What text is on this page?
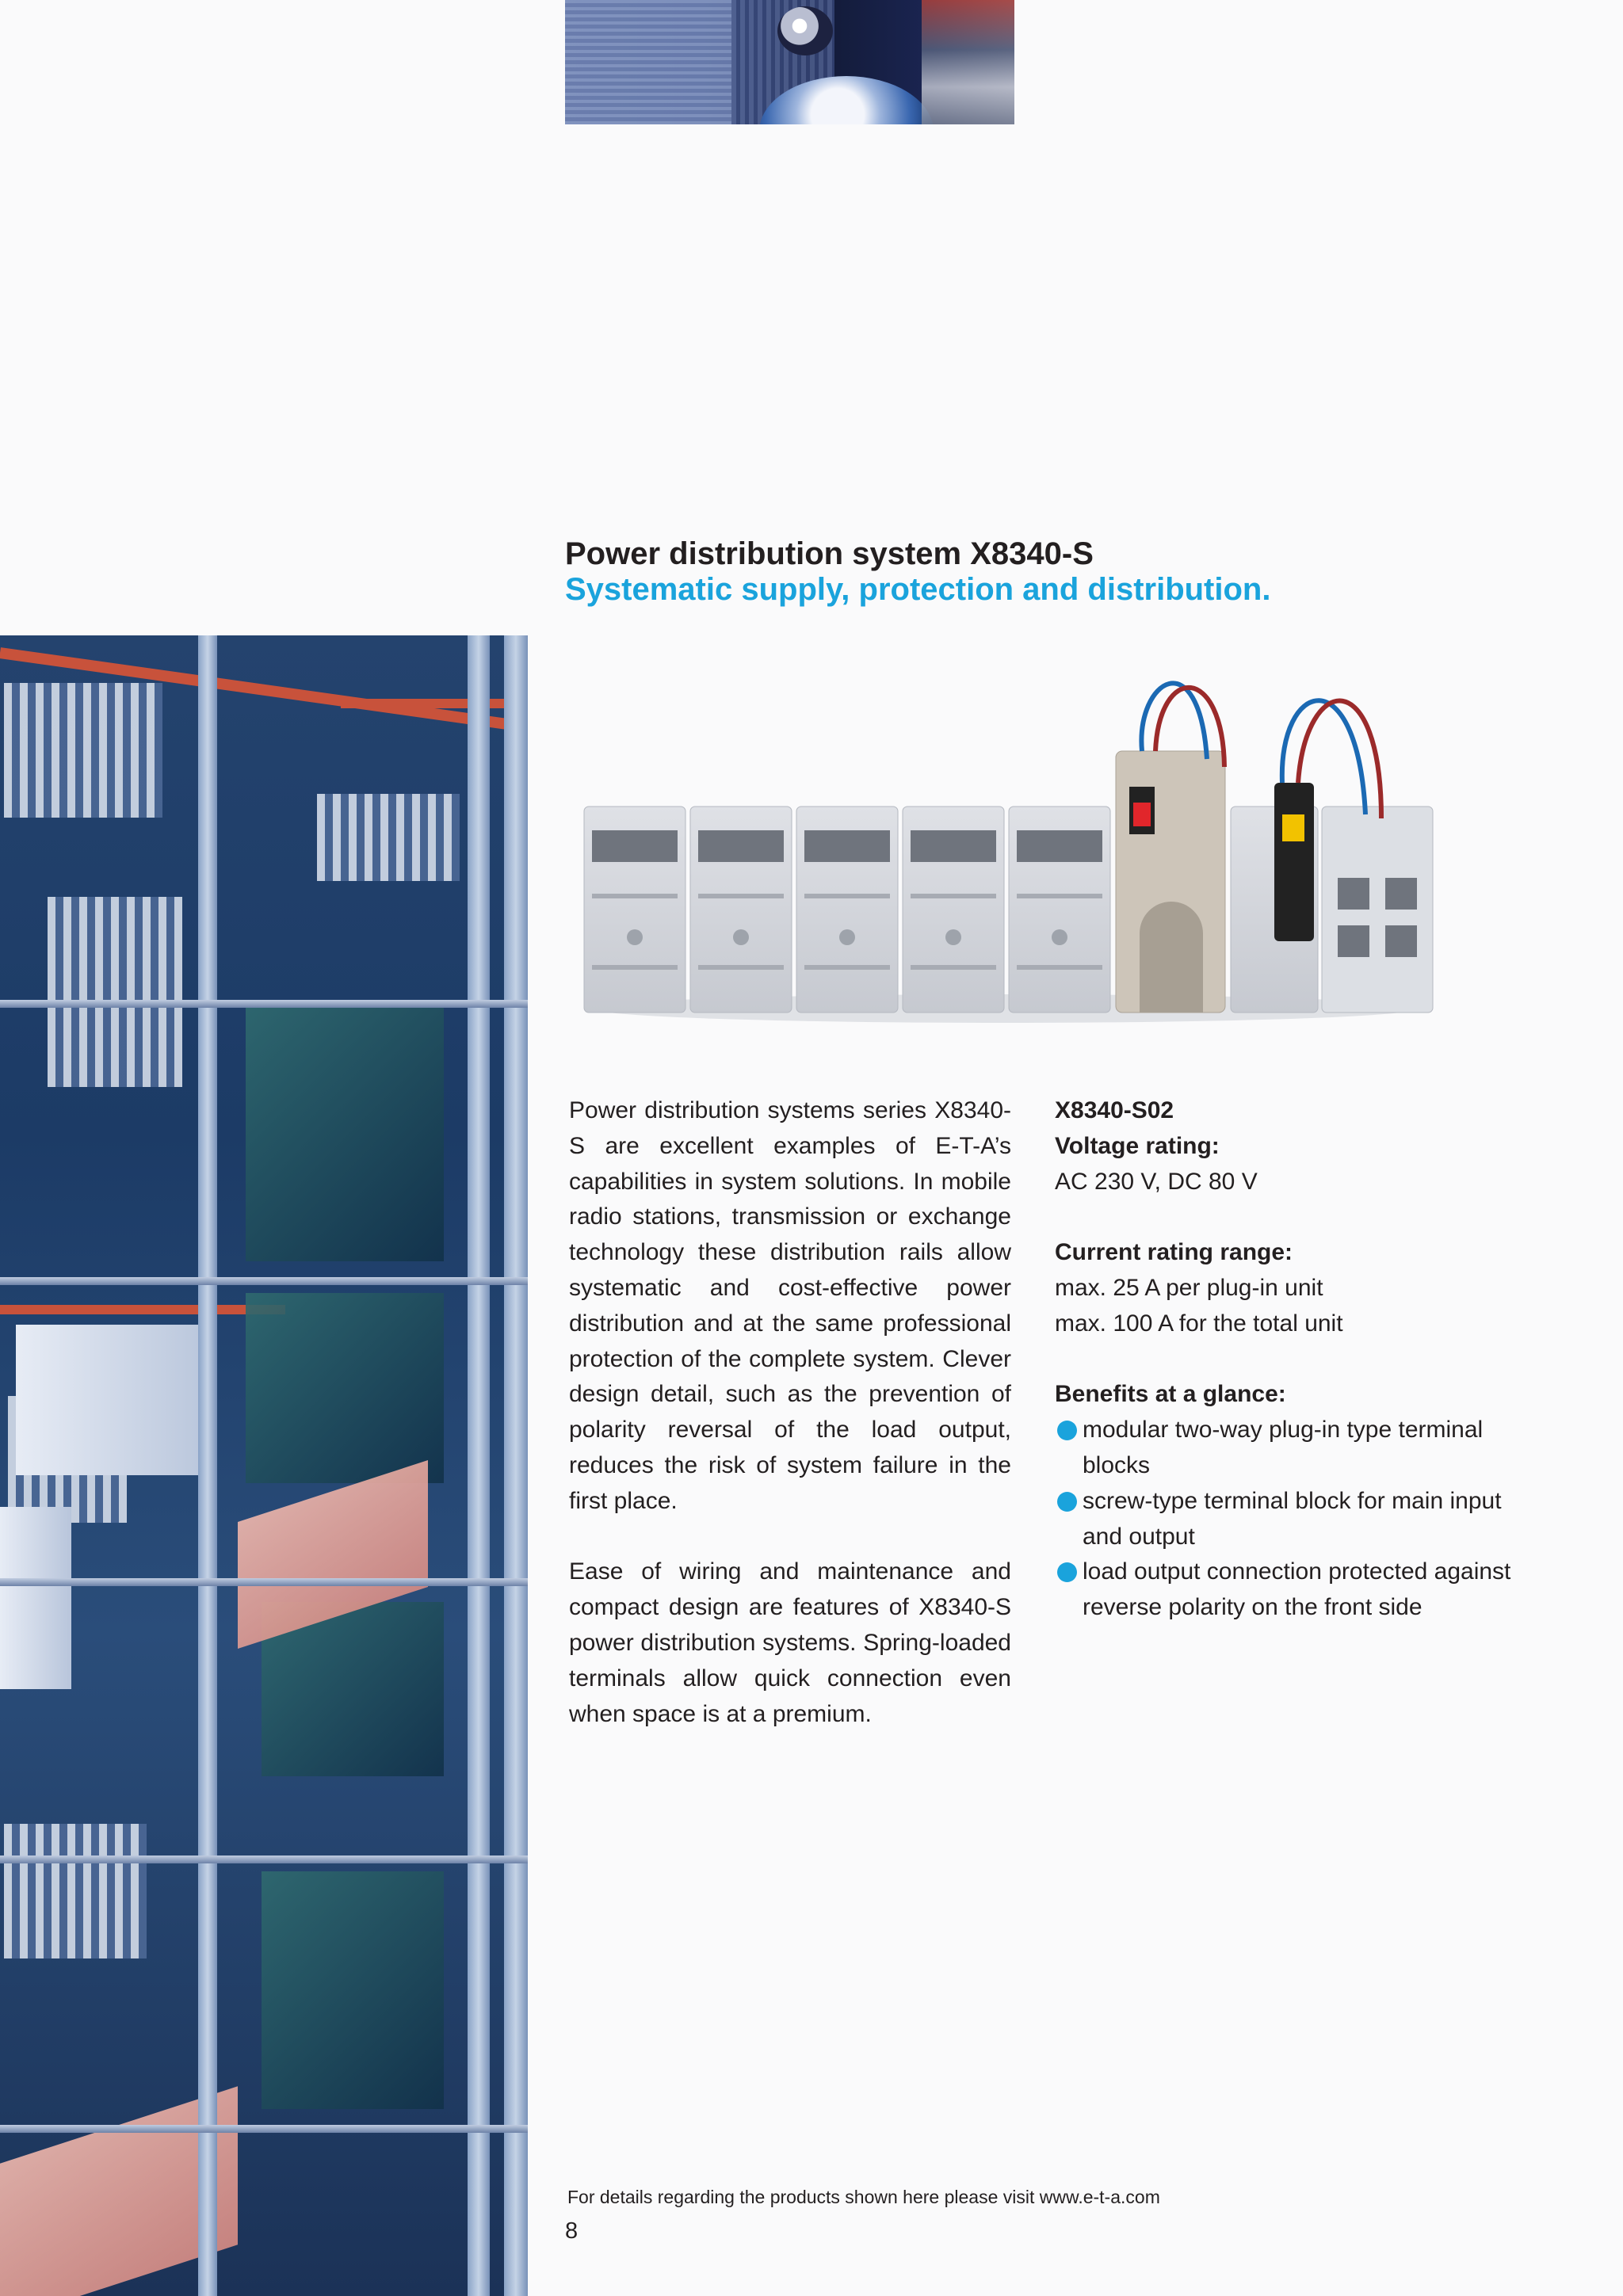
Power distribution system X8340-S
Systematic supply, protection and distribution.

Power distribution systems series X8340-S are excellent examples of E-T-A’s capabilities in system solutions. In mobile radio stations, transmission or exchange technology these distribution rails allow systematic and cost-effective power distribution and at the same professional protection of the complete system. Clever design detail, such as the prevention of polarity reversal of the load output, reduces the risk of system failure in the first place.

Ease of wiring and maintenance and compact design are features of X8340-S power distribution systems. Spring-loaded terminals allow quick connection even when space is at a premium.

X8340-S02
Voltage rating:
AC 230 V, DC 80 V
Current rating range:
max. 25 A per plug-in unit
max. 100 A for the total unit
Benefits at a glance:
modular two-way plug-in type terminal blocks
screw-type terminal block for main input and output
load output connection protected against reverse polarity on the front side
For details regarding the products shown here please visit www.e-t-a.com
8
